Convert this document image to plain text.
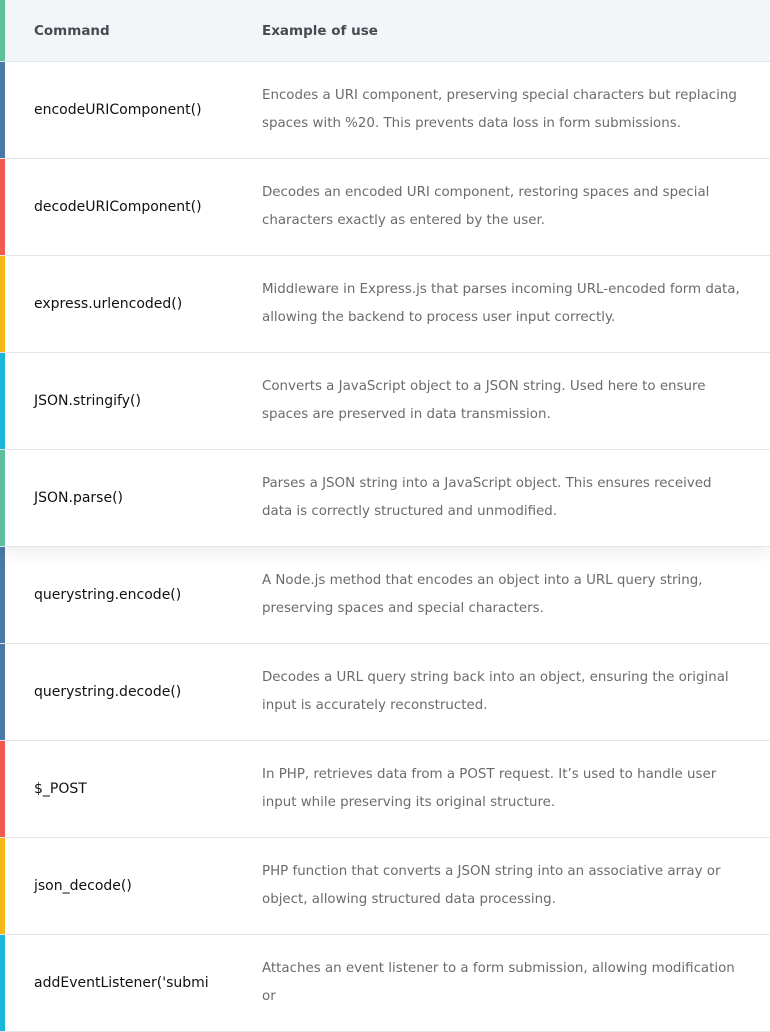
Command	Example of use
encodeURIComponent()
Encodes a URI component, preserving special characters but replacing spaces with %20. This prevents data loss in form submissions.
decodeURIComponent()
Decodes an encoded URI component, restoring spaces and special characters exactly as entered by the user.
express.urlencoded()
Middleware in Express.js that parses incoming URL-encoded form data, allowing the backend to process user input correctly.
JSON.stringify()
Converts a JavaScript object to a JSON string. Used here to ensure spaces are preserved in data transmission.
JSON.parse()
Parses a JSON string into a JavaScript object. This ensures received data is correctly structured and unmodified.
querystring.encode()
A Node.js method that encodes an object into a URL query string, preserving spaces and special characters.
querystring.decode()
Decodes a URL query string back into an object, ensuring the original input is accurately reconstructed.
$_POST
In PHP, retrieves data from a POST request. It’s used to handle user input while preserving its original structure.
json_decode()
PHP function that converts a JSON string into an associative array or object, allowing structured data processing.
addEventListener('submi
Attaches an event listener to a form submission, allowing modification or
